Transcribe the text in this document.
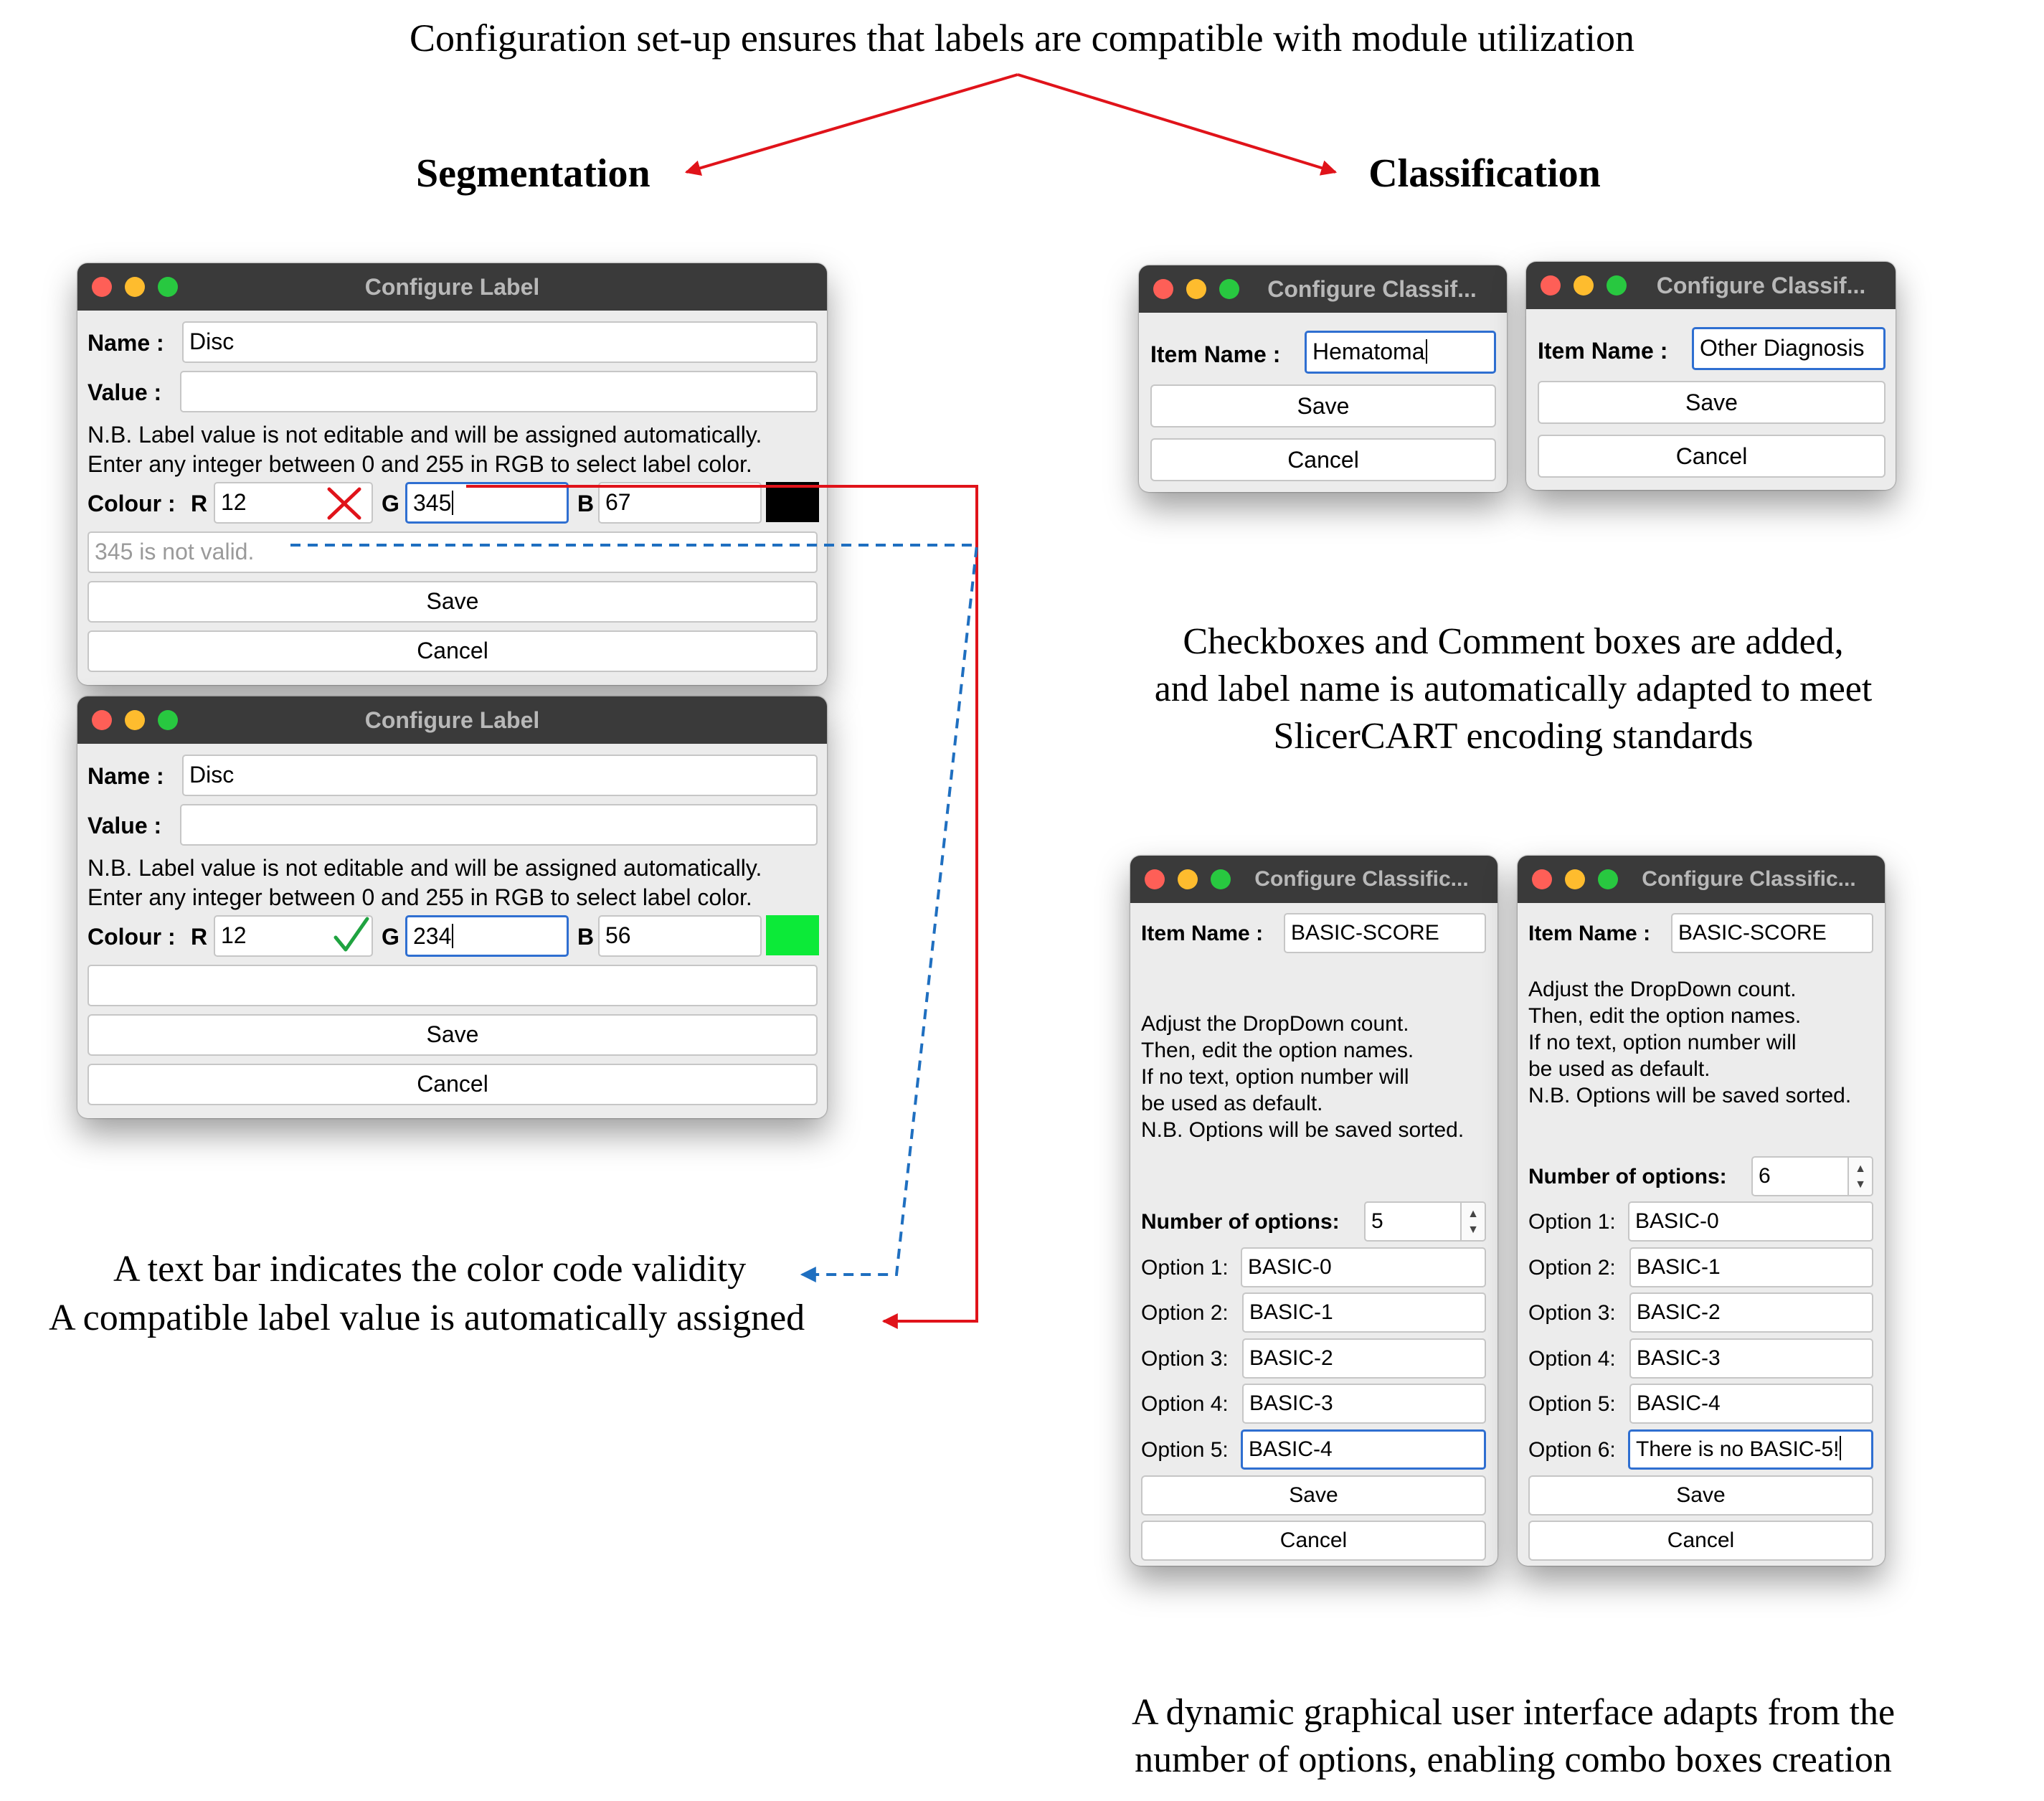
Configuration set-up ensures that labels are compatible with module utilization
Segmentation	Classification
Configure Label
Name :	Disc
Value :
N.B. Label value is not editable and will be assigned automatically.
Enter any integer between 0 and 255 in RGB to select label color.
Colour : R 12	G 345	B 67
345 is not valid.
Save
Cancel
Configure Label
Name :	Disc
Value :
N.B. Label value is not editable and will be assigned automatically.
Enter any integer between 0 and 255 in RGB to select label color.
Colour : R 12	G 234	B 56
Save
Cancel
A text bar indicates the color code validity
A compatible label value is automatically assigned
Configure Classif...
Item Name :	Hematoma
Save
Cancel
Configure Classif...
Item Name :	Other Diagnosis
Save
Cancel
Checkboxes and Comment boxes are added,
and label name is automatically adapted to meet
SlicerCART encoding standards
Configure Classific...
Item Name :	BASIC-SCORE
Adjust the DropDown count.
Then, edit the option names.
If no text, option number will
be used as default.
N.B. Options will be saved sorted.
Number of options:	5	▲
▼
Option 1: BASIC-0
Option 2: BASIC-1
Option 3: BASIC-2
Option 4: BASIC-3
Option 5: BASIC-4
Save
Cancel
Configure Classific...
Item Name :	BASIC-SCORE
Adjust the DropDown count.
Then, edit the option names.
If no text, option number will
be used as default.
N.B. Options will be saved sorted.
Number of options:	6	▲
▼
Option 1: BASIC-0
Option 2: BASIC-1
Option 3: BASIC-2
Option 4: BASIC-3
Option 5: BASIC-4
Option 6: There is no BASIC-5!
Save
Cancel
A dynamic graphical user interface adapts from the
number of options, enabling combo boxes creation
